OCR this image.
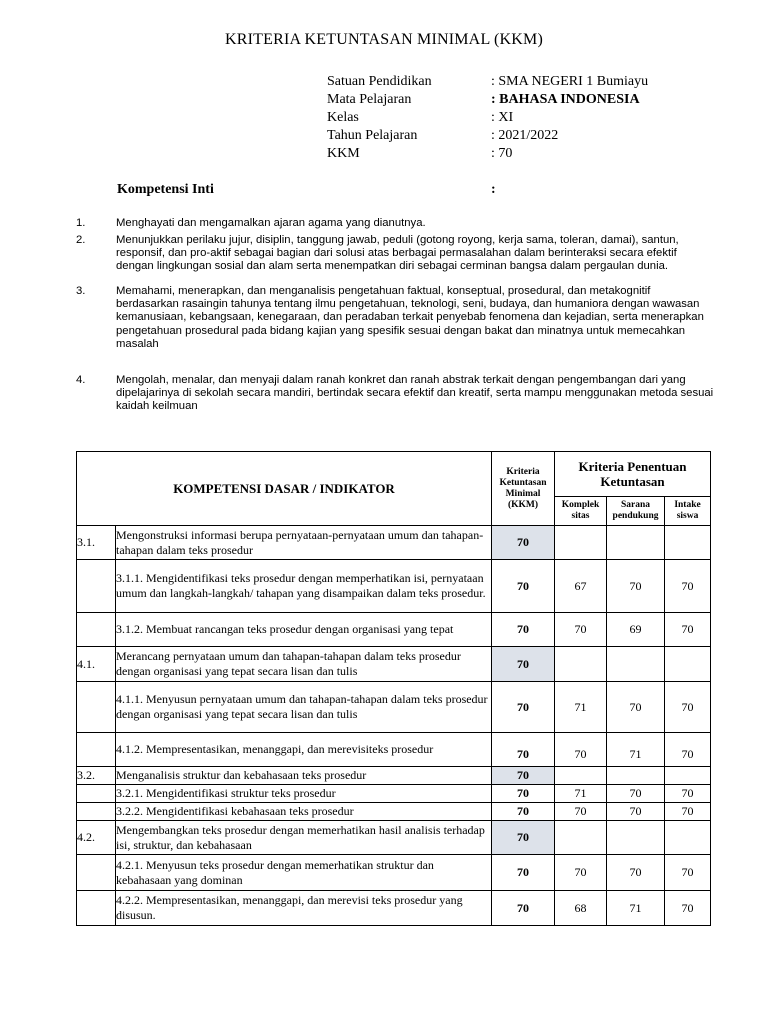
KRITERIA KETUNTASAN MINIMAL (KKM)
Satuan Pendidikan	: SMA NEGERI 1 Bumiayu
Mata Pelajaran	: BAHASA INDONESIA
Kelas	: XI
Tahun Pelajaran	: 2021/2022
KKM	: 70
Kompetensi Inti	:
1.	Menghayati dan mengamalkan ajaran agama yang dianutnya.
2.	Menunjukkan perilaku jujur, disiplin, tanggung jawab, peduli (gotong royong, kerja sama, toleran, damai), santun, responsif, dan pro-aktif sebagai bagian dari solusi atas berbagai permasalahan dalam berinteraksi secara efektif dengan lingkungan sosial dan alam serta menempatkan diri sebagai cerminan bangsa dalam pergaulan dunia.
3.	Memahami, menerapkan, dan menganalisis pengetahuan faktual, konseptual, prosedural, dan metakognitif berdasarkan rasaingin tahunya tentang ilmu pengetahuan, teknologi, seni, budaya, dan humaniora dengan wawasan kemanusiaan, kebangsaan, kenegaraan, dan peradaban terkait penyebab fenomena dan kejadian, serta menerapkan pengetahuan prosedural pada bidang kajian yang spesifik sesuai dengan bakat dan minatnya untuk memecahkan masalah
4.	Mengolah, menalar, dan menyaji dalam ranah konkret dan ranah abstrak terkait dengan pengembangan dari yang dipelajarinya di sekolah secara mandiri, bertindak secara efektif dan kreatif, serta mampu menggunakan metoda sesuai kaidah keilmuan
KOMPETENSI DASAR / INDIKATOR		Kriteria Ketuntasan Minimal (KKM)	Kriteria Penentuan Ketuntasan		
			Komplek sitas	Sarana pendukung	Intake siswa
3.1.	Mengonstruksi informasi berupa pernyataan-pernyataan umum dan tahapan-tahapan dalam teks prosedur	70			
	3.1.1. Mengidentifikasi teks prosedur dengan memperhatikan isi, pernyataan umum dan langkah-langkah/ tahapan yang disampaikan dalam teks prosedur.	70	67	70	70
	3.1.2. Membuat rancangan teks prosedur dengan organisasi yang tepat	70	70	69	70
4.1.	Merancang pernyataan umum dan tahapan-tahapan dalam teks prosedur dengan organisasi yang tepat secara lisan dan tulis	70			
	4.1.1. Menyusun pernyataan umum dan tahapan-tahapan dalam teks prosedur dengan organisasi yang tepat secara lisan dan tulis	70	71	70	70
	4.1.2. Mempresentasikan, menanggapi, dan merevisiteks prosedur	70	70	71	70
3.2.	Menganalisis struktur dan kebahasaan teks prosedur	70			
	3.2.1. Mengidentifikasi struktur teks prosedur	70	71	70	70
	3.2.2. Mengidentifikasi kebahasaan teks prosedur	70	70	70	70
4.2.	Mengembangkan teks prosedur dengan memerhatikan hasil analisis terhadap isi, struktur, dan kebahasaan	70			
	4.2.1. Menyusun teks prosedur dengan memerhatikan struktur dan kebahasaan yang dominan	70	70	70	70
	4.2.2. Mempresentasikan, menanggapi, dan merevisi teks prosedur yang disusun.	70	68	71	70
